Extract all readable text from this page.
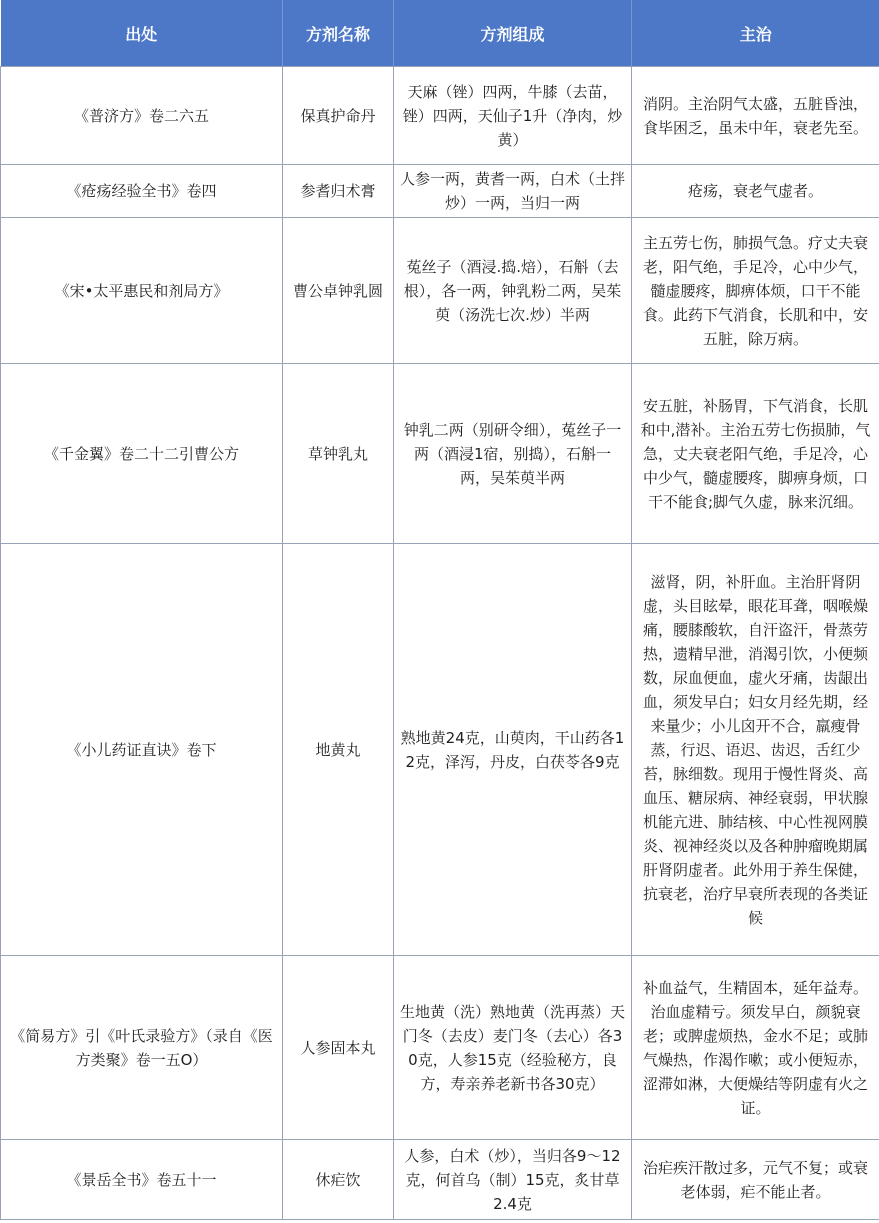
出处	方剂名称	方剂组成	主治
《普济方》卷二六五	保真护命丹	天麻（锉）四两，牛膝（去苗，锉）四两，天仙子1升（净肉，炒黄）	消阴。主治阴气太盛，五脏昏浊，食毕困乏，虽未中年，衰老先至。
《疮疡经验全书》卷四	参耆归术膏	人参一两，黄耆一两，白术（土拌炒）一两，当归一两	疮疡，衰老气虚者。
《宋•太平惠民和剂局方》	曹公卓钟乳圆	菟丝子（酒浸.捣.焙），石斛（去根），各一两，钟乳粉二两，吴茱萸（汤洗七次.炒）半两	主五劳七伤，肺损气急。疗丈夫衰老，阳气绝，手足冷，心中少气，髓虚腰疼，脚痹体烦，口干不能食。此药下气消食，长肌和中，安五脏，除万病。
《千金翼》卷二十二引曹公方	草钟乳丸	钟乳二两（别研令细），菟丝子一两（酒浸1宿，别捣），石斛一两，吴茱萸半两	安五脏，补肠胃，下气消食，长肌和中,潜补。主治五劳七伤损肺，气急，丈夫衰老阳气绝，手足冷，心中少气，髓虚腰疼，脚痹身烦，口干不能食;脚气久虚，脉来沉细。
《小儿药证直诀》卷下	地黄丸	熟地黄24克，山萸肉，干山药各12克，泽泻，丹皮，白茯苓各9克	滋肾，阴，补肝血。主治肝肾阴虚，头目眩晕，眼花耳聋，咽喉燥痛，腰膝酸软，自汗盗汗，骨蒸劳热，遗精早泄，消渴引饮，小便频数，尿血便血，虚火牙痛，齿龈出血，须发早白；妇女月经先期，经来量少；小儿囟开不合，羸瘦骨蒸，行迟、语迟、齿迟，舌红少苔，脉细数。现用于慢性肾炎、高血压、糖尿病、神经衰弱，甲状腺机能亢进、肺结核、中心性视网膜炎、视神经炎以及各种肿瘤晚期属肝肾阴虚者。此外用于养生保健，抗衰老，治疗早衰所表现的各类证候
《简易方》引《叶氏录验方》（录自《医方类聚》卷一五O）	人参固本丸	生地黄（洗）熟地黄（洗再蒸）天门冬（去皮）麦门冬（去心）各30克，人参15克（经验秘方，良方，寿亲养老新书各30克）	补血益气，生精固本，延年益寿。治血虚精亏。须发早白，颜貌衰老；或脾虚烦热，金水不足；或肺气燥热，作渴作嗽；或小便短赤，涩滞如淋，大便燥结等阴虚有火之证。
《景岳全书》卷五十一	休疟饮	人参，白术（炒），当归各9～12克，何首乌（制）15克，炙甘草2.4克	治疟疾汗散过多，元气不复；或衰老体弱，疟不能止者。
